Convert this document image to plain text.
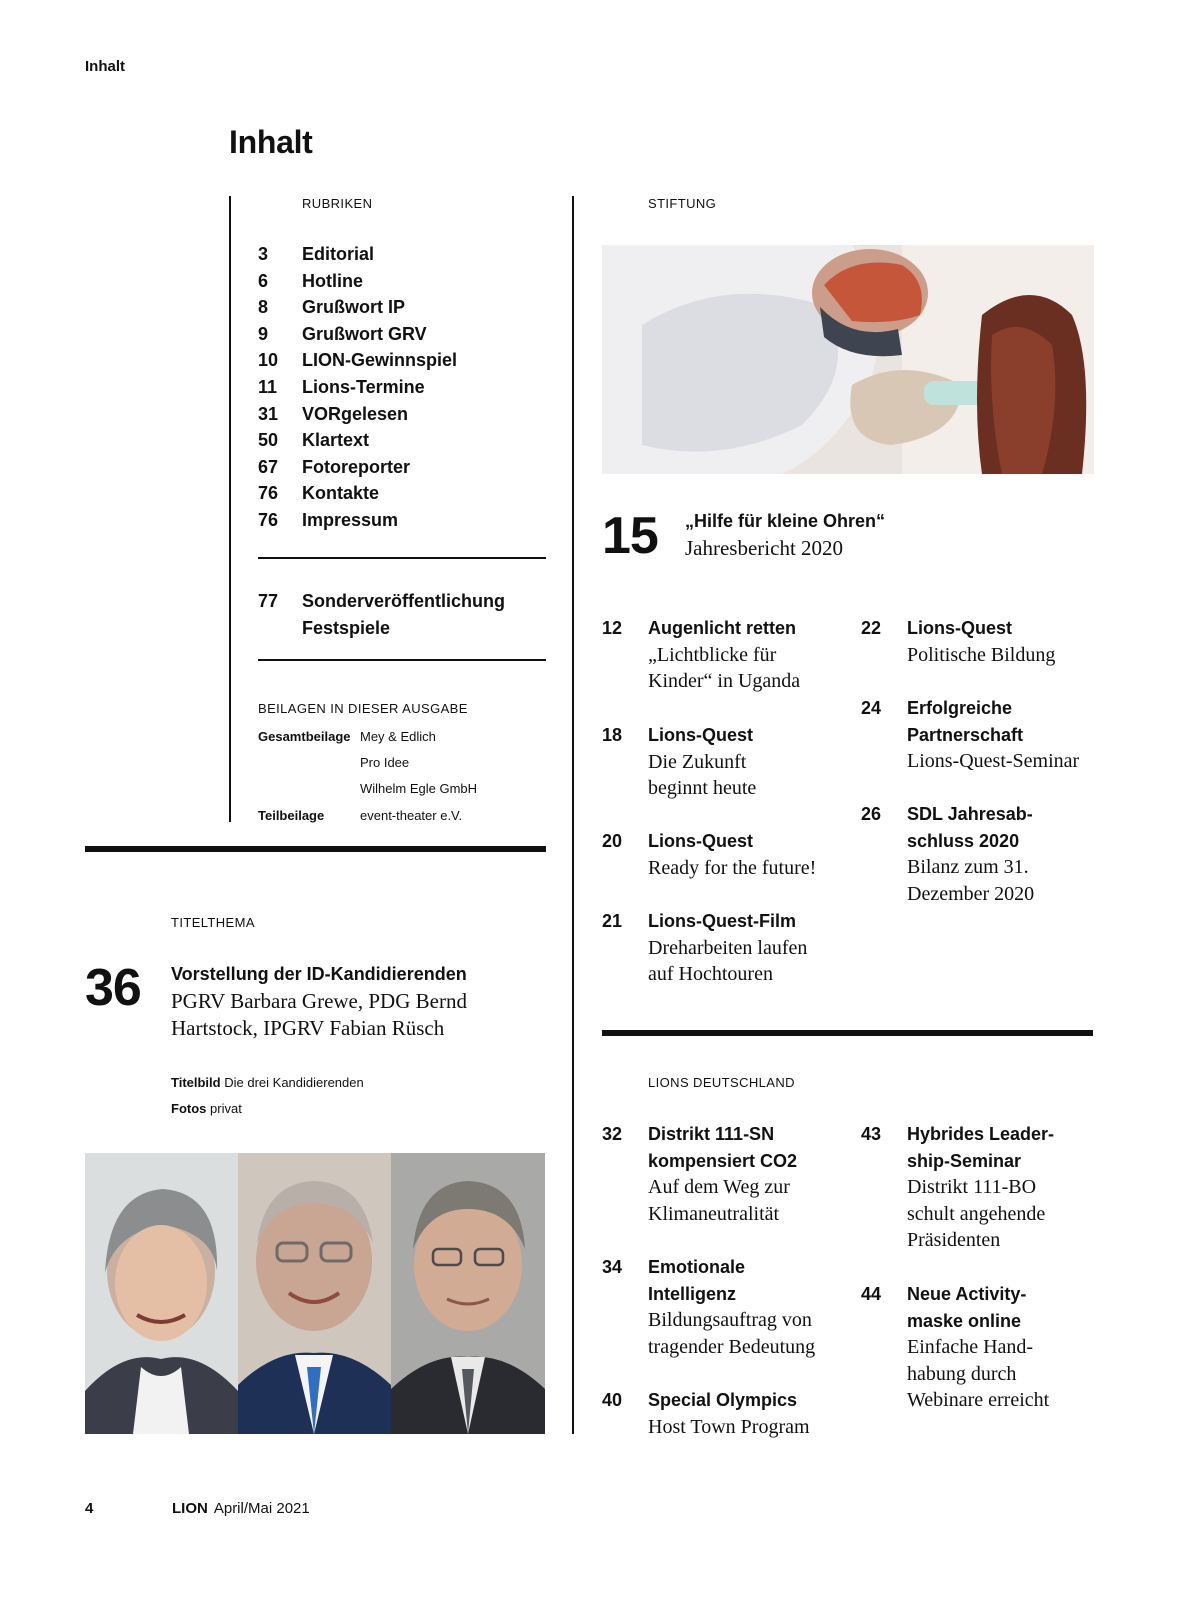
Inhalt
Inhalt
RUBRIKEN
3	Editorial
6	Hotline
8	Grußwort IP
9	Grußwort GRV
10	LION-Gewinnspiel
11	Lions-Termine
31	VORgelesen
50	Klartext
67	Fotoreporter
76	Kontakte
76	Impressum
77	Sonderveröffentlichung
Festspiele
BEILAGEN IN DIESER AUSGABE
Gesamtbeilage Mey & Edlich
Pro Idee
Wilhelm Egle GmbH
Teilbeilage	event-theater e.V.
TITELTHEMA
36 Vorstellung der ID-Kandidierenden
PGRV Barbara Grewe, PDG Bernd
Hartstock, IPGRV Fabian Rüsch
Titelbild Die drei Kandidierenden
Fotos privat
STIFTUNG
15 „Hilfe für kleine Ohren“
Jahresbericht 2020
12 Augenlicht retten
„Lichtblicke für
Kinder“ in Uganda
18 Lions-Quest
Die Zukunft
beginnt heute
20 Lions-Quest
Ready for the future!
21 Lions-Quest-Film
Dreharbeiten laufen
auf Hochtouren
22 Lions-Quest
Politische Bildung
24 Erfolgreiche
Partnerschaft
Lions-Quest-Seminar
26 SDL Jahresab-
schluss 2020
Bilanz zum 31.
Dezember 2020
LIONS DEUTSCHLAND
32 Distrikt 111-SN
kompensiert CO2
Auf dem Weg zur
Klimaneutralität
34 Emotionale
Intelligenz
Bildungsauftrag von
tragender Bedeutung
40 Special Olympics
Host Town Program
43 Hybrides Leader-
ship-Seminar
Distrikt 111-BO
schult angehende
Präsidenten
44 Neue Activity-
maske online
Einfache Hand-
habung durch
Webinare erreicht
4	LION April/Mai 2021
